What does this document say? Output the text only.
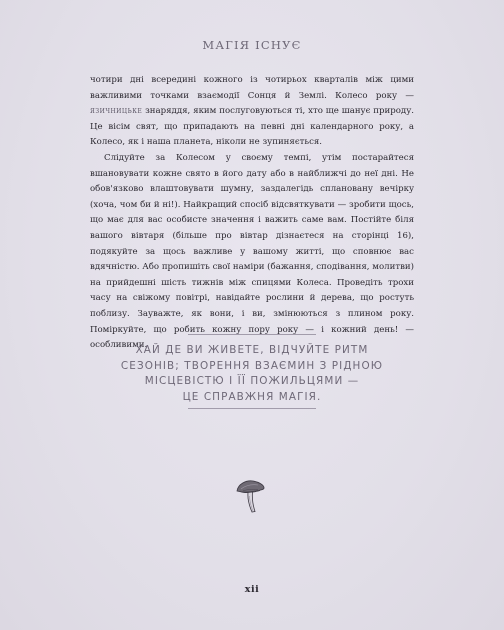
МАГІЯ ІСНУЄ

чотири дні всередині кожного із чотирьох кварталів між цими важливими точками взаємодії Сонця й Землі. Колесо року — язичницьке знаряддя, яким послуговуються ті, хто ще шанує природу. Це вісім свят, що припадають на певні дні календарного року, а Колесо, як і наша планета, ніколи не зупиняється.

Слідуйте за Колесом у своєму темпі, утім постарайтеся вшановувати кожне свято в його дату або в найближчі до неї дні. Не обов'язково влаштовувати шумну, заздалегідь сплановану вечірку (хоча, чом би й ні!). Найкращий спосіб відсвяткувати — зробити щось, що має для вас особисте значення і важить саме вам. Постійте біля вашого вівтаря (більше про вівтар дізнаєтеся на сторінці 16), подякуйте за щось важливе у вашому житті, що сповнює вас вдячністю. Або пропишіть свої наміри (бажання, сподівання, молитви) на прийдешні шість тижнів між спицями Колеса. Проведіть трохи часу на свіжому повітрі, навідайте рослини й дерева, що ростуть поблизу. Зауважте, як вони, і ви, змінюються з плином року. Поміркуйте, що робить кожну пору року — і кожний день! — особливими.

ХАЙ ДЕ ВИ ЖИВЕТЕ, ВІДЧУЙТЕ РИТМ
СЕЗОНІВ; ТВОРЕННЯ ВЗАЄМИН З РІДНОЮ
МІСЦЕВІСТЮ І ЇЇ ПОЖИЛЬЦЯМИ —
ЦЕ СПРАВЖНЯ МАГІЯ.
xii
